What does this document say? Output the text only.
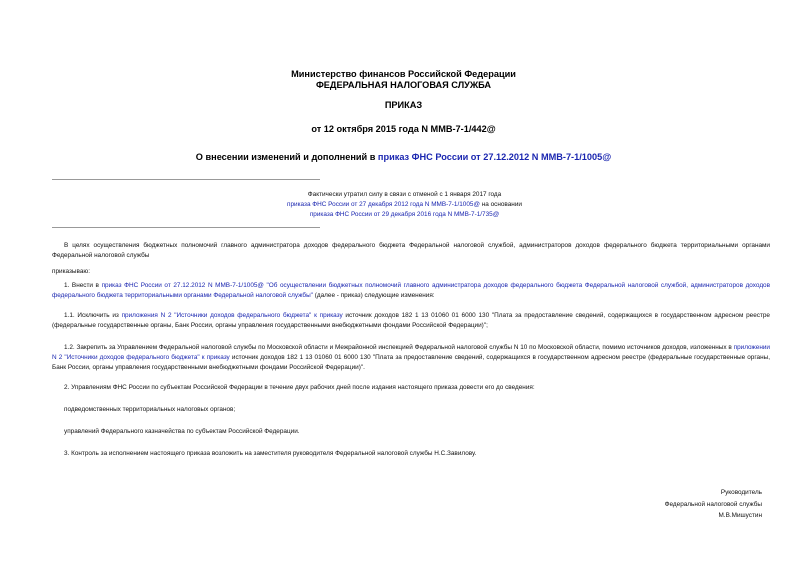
Министерство финансов Российской Федерации
ФЕДЕРАЛЬНАЯ НАЛОГОВАЯ СЛУЖБА
ПРИКАЗ
от 12 октября 2015 года N ММВ-7-1/442@
О внесении изменений и дополнений в приказ ФНС России от 27.12.2012 N ММВ-7-1/1005@
Фактически утратил силу в связи с отменой с 1 января 2017 года
приказа ФНС России от 27 декабря 2012 года N ММВ-7-1/1005@ на основании
приказа ФНС России от 29 декабря 2016 года N ММВ-7-1/735@
В целях осуществления бюджетных полномочий главного администратора доходов федерального бюджета Федеральной налоговой службой, администраторов доходов федерального бюджета территориальными органами Федеральной налоговой службы
приказываю:
1. Внести в приказ ФНС России от 27.12.2012 N ММВ-7-1/1005@ "Об осуществлении бюджетных полномочий главного администратора доходов федерального бюджета Федеральной налоговой службой, администраторов доходов федерального бюджета территориальными органами Федеральной налоговой службы" (далее - приказ) следующие изменения:
1.1. Исключить из приложения N 2 "Источники доходов федерального бюджета" к приказу источник доходов 182 1 13 01060 01 6000 130 "Плата за предоставление сведений, содержащихся в государственном адресном реестре (федеральные государственные органы, Банк России, органы управления государственными внебюджетными фондами Российской Федерации)";
1.2. Закрепить за Управлением Федеральной налоговой службы по Московской области и Межрайонной инспекцией Федеральной налоговой службы N 10 по Московской области, помимо источников доходов, изложенных в приложении N 2 "Источники доходов федерального бюджета" к приказу источник доходов 182 1 13 01060 01 6000 130 "Плата за предоставление сведений, содержащихся в государственном адресном реестре (федеральные государственные органы, Банк России, органы управления государственными внебюджетными фондами Российской Федерации)".
2. Управлениям ФНС России по субъектам Российской Федерации в течение двух рабочих дней после издания настоящего приказа довести его до сведения:
подведомственных территориальных налоговых органов;
управлений Федерального казначейства по субъектам Российской Федерации.
3. Контроль за исполнением настоящего приказа возложить на заместителя руководителя Федеральной налоговой службы Н.С.Завилову.
Руководитель
Федеральной налоговой службы
М.В.Мишустин
